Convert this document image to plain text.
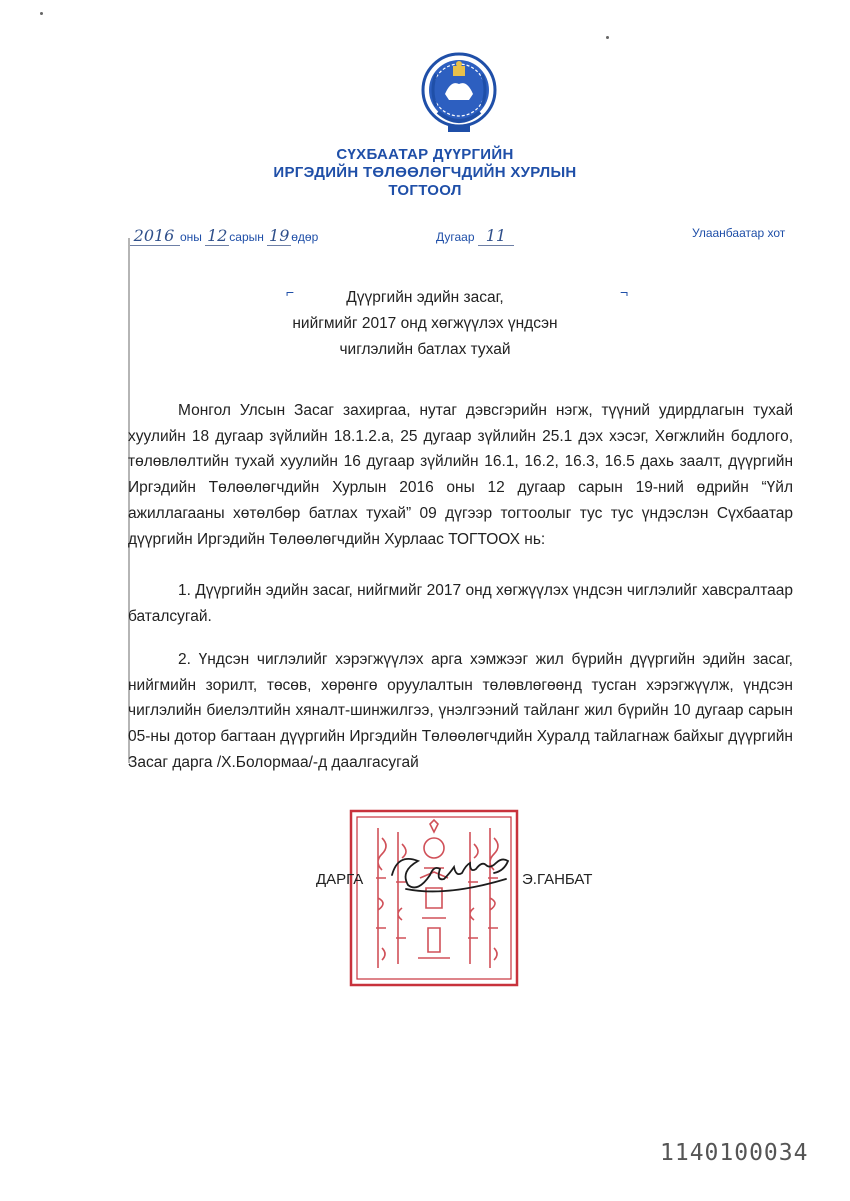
СҮХБААТАР ДҮҮРГИЙН
ИРГЭДИЙН ТӨЛӨӨЛӨГЧДИЙН ХУРЛЫН
ТОГТООЛ
2016 оны 12 сарын 19 өдөр	Дугаар 11	Улаанбаатар хот
⌐	¬
Дүүргийн эдийн засаг,
нийгмийг 2017 онд хөгжүүлэх үндсэн
чиглэлийн батлах тухай
Монгол Улсын Засаг захиргаа, нутаг дэвсгэрийн нэгж, түүний удирдлагын тухай хуулийн 18 дугаар зүйлийн 18.1.2.а, 25 дугаар зүйлийн 25.1 дэх хэсэг, Хөгжлийн бодлого, төлөвлөлтийн тухай хуулийн 16 дугаар зүйлийн 16.1, 16.2, 16.3, 16.5 дахь заалт, дүүргийн Иргэдийн Төлөөлөгчдийн Хурлын 2016 оны 12 дугаар сарын 19-ний өдрийн “Үйл ажиллагааны хөтөлбөр батлах тухай” 09 дүгээр тогтоолыг тус тус үндэслэн Сүхбаатар дүүргийн Иргэдийн Төлөөлөгчдийн Хурлаас ТОГТООХ нь:
1. Дүүргийн эдийн засаг, нийгмийг 2017 онд хөгжүүлэх үндсэн чиглэлийг хавсралтаар баталсугай.
2. Үндсэн чиглэлийг хэрэгжүүлэх арга хэмжээг жил бүрийн дүүргийн эдийн засаг, нийгмийн зорилт, төсөв, хөрөнгө оруулалтын төлөвлөгөөнд тусган хэрэгжүүлж, үндсэн чиглэлийн биелэлтийн хяналт-шинжилгээ, үнэлгээний тайланг жил бүрийн 10 дугаар сарын 05-ны дотор багтаан дүүргийн Иргэдийн Төлөөлөгчдийн Хуралд тайлагнаж байхыг дүүргийн Засаг дарга /Х.Болормаа/-д даалгасугай
ДАРГА	Э.ГАНБАТ
1140100034
